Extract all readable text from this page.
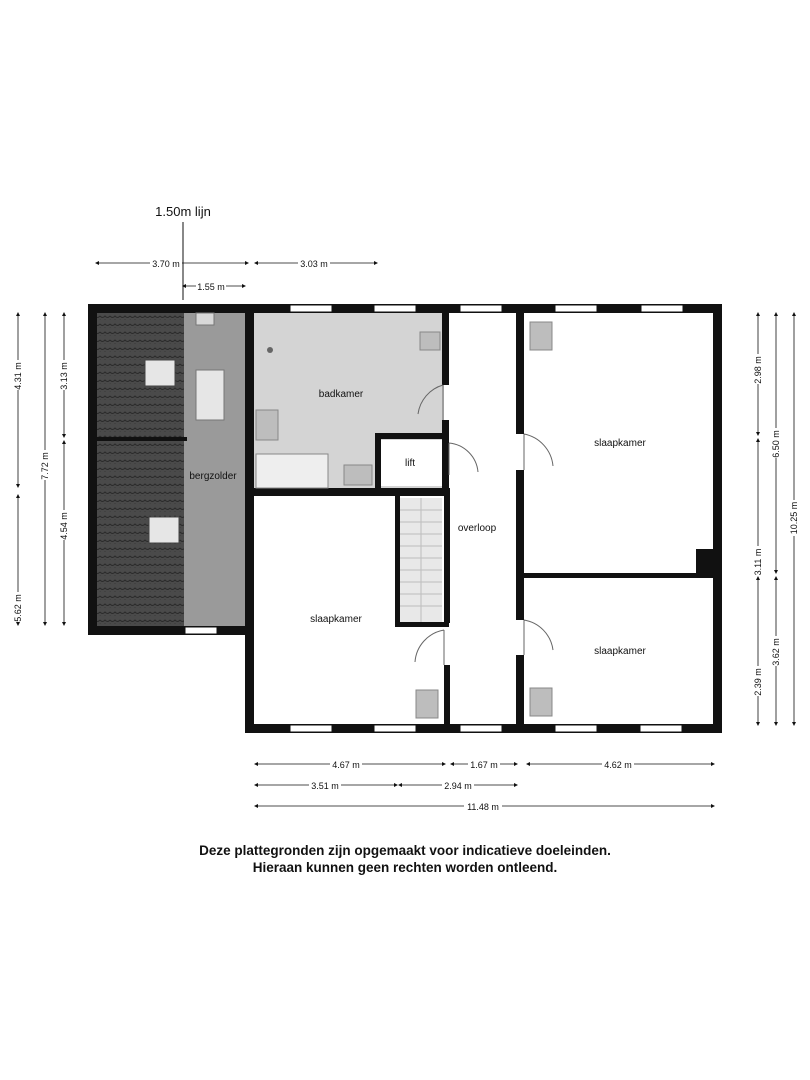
1.50m lijn
badkamer
lift
bergzolder
overloop
slaapkamer
slaapkamer
slaapkamer
3.70 m	3.03 m
1.55 m
4.67 m	1.67 m	4.62 m
3.51 m	2.94 m
11.48 m
4.31 m
5.62 m
7.72 m
3.13 m
4.54 m
2.98 m
3.11 m
2.39 m
6.50 m
3.62 m
10.25 m
Deze plattegronden zijn opgemaakt voor indicatieve doeleinden.
Hieraan kunnen geen rechten worden ontleend.
